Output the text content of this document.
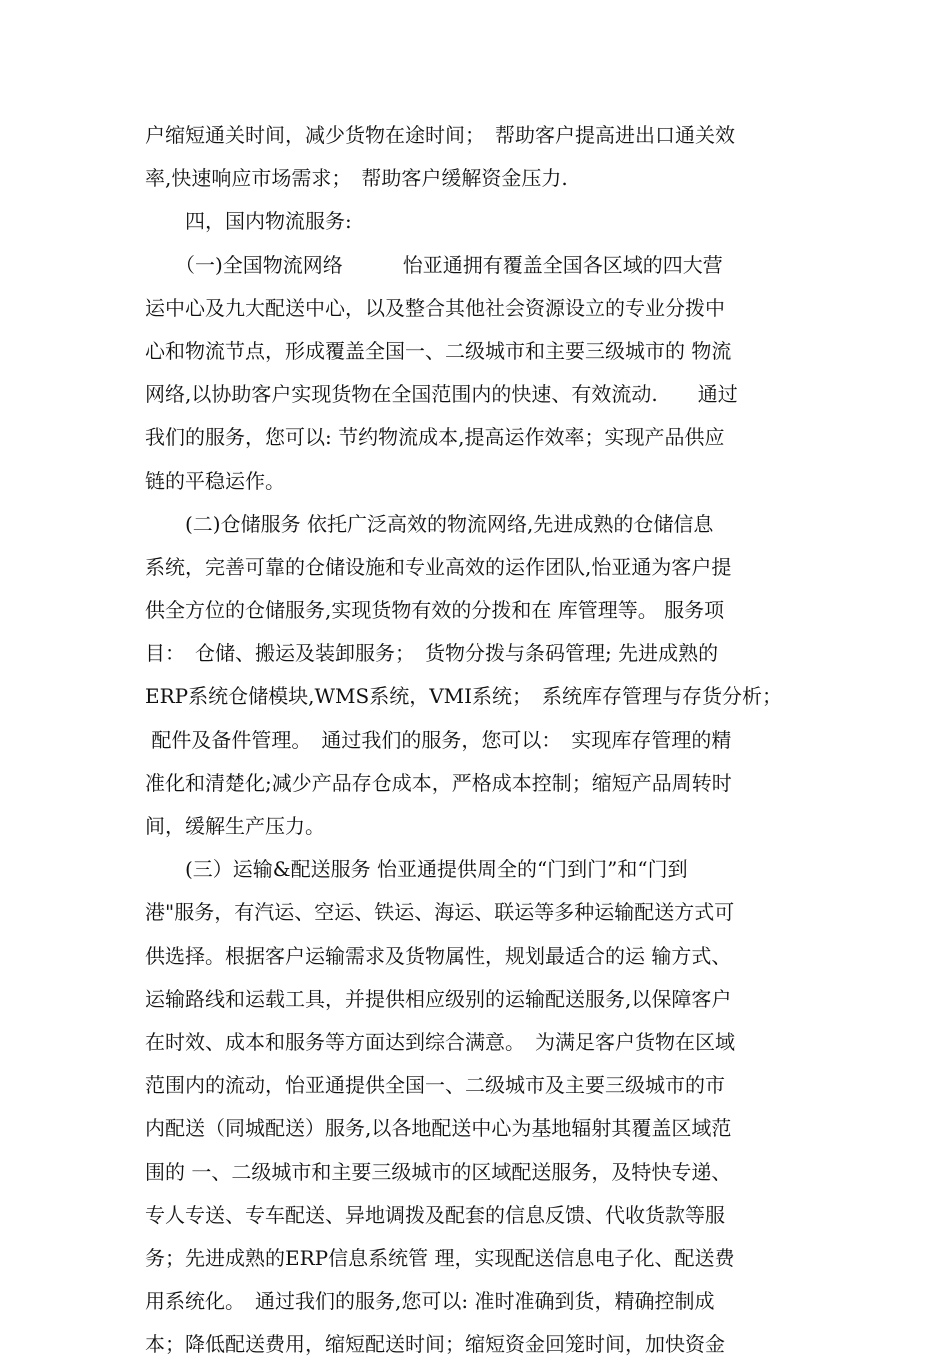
户缩短通关时间，减少货物在途时间；　帮助客户提高进出口通关效
率,快速响应市场需求；　帮助客户缓解资金压力.
　　四，国内物流服务:
　　（一)全国物流网络　　　怡亚通拥有覆盖全国各区域的四大营
运中心及九大配送中心，以及整合其他社会资源设立的专业分拨中
心和物流节点，形成覆盖全国一、二级城市和主要三级城市的 物流
网络,以协助客户实现货物在全国范围内的快速、有效流动.　　通过
我们的服务，您可以: 节约物流成本,提高运作效率；实现产品供应
链的平稳运作。
　　(二)仓储服务 依托广泛高效的物流网络,先进成熟的仓储信息
系统，完善可靠的仓储设施和专业高效的运作团队,怡亚通为客户提
供全方位的仓储服务,实现货物有效的分拨和在 库管理等。 服务项
目：　仓储、搬运及装卸服务；　货物分拨与条码管理; 先进成熟的
ERP系统仓储模块,WMS系统，VMI系统；　系统库存管理与存货分析；
配件及备件管理。　通过我们的服务，您可以：　实现库存管理的精
准化和清楚化;减少产品存仓成本，严格成本控制；缩短产品周转时
间，缓解生产压力。
　　(三）运输&配送服务 怡亚通提供周全的“门到门”和“门到
港"服务，有汽运、空运、铁运、海运、联运等多种运输配送方式可
供选择。根据客户运输需求及货物属性，规划最适合的运 输方式、
运输路线和运载工具，并提供相应级别的运输配送服务,以保障客户
在时效、成本和服务等方面达到综合满意。　为满足客户货物在区域
范围内的流动，怡亚通提供全国一、二级城市及主要三级城市的市
内配送（同城配送）服务,以各地配送中心为基地辐射其覆盖区域范
围的 一、二级城市和主要三级城市的区域配送服务，及特快专递、
专人专送、专车配送、异地调拨及配套的信息反馈、代收货款等服
务；先进成熟的ERP信息系统管 理，实现配送信息电子化、配送费
用系统化。　通过我们的服务,您可以: 准时准确到货，精确控制成
本；降低配送费用，缩短配送时间；缩短资金回笼时间，加快资金
